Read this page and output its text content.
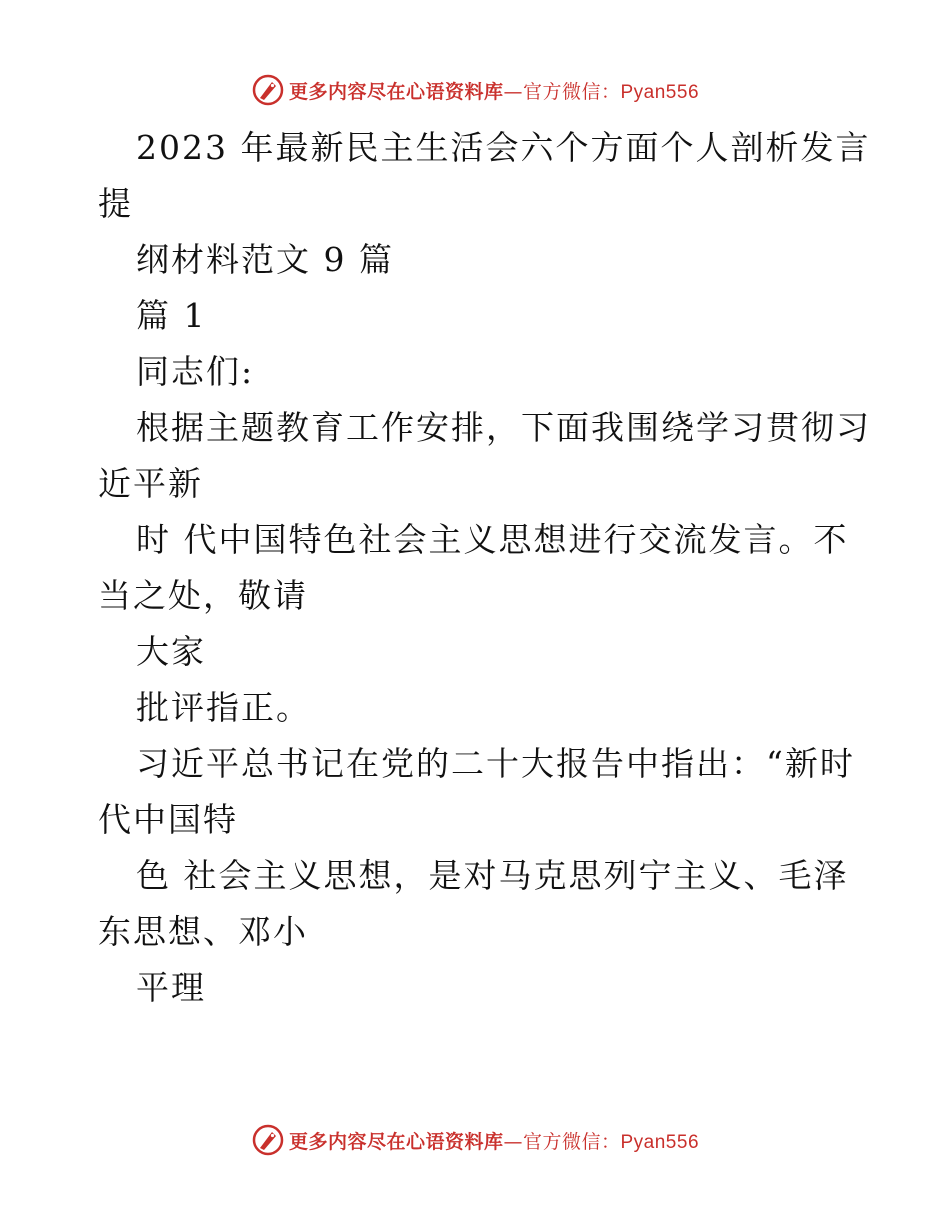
更多内容尽在心语资料库—官方微信：Pyan556
2023 年最新民主生活会六个方面个人剖析发言
提
纲材料范文 9 篇
篇 1
同志们:
根据主题教育工作安排，下面我围绕学习贯彻习
近平新
时 代中国特色社会主义思想进行交流发言。不
当之处，敬请
大家
批评指正。
习近平总书记在党的二十大报告中指出：“新时
代中国特
色 社会主义思想，是对马克思列宁主义、毛泽
东思想、邓小
平理
更多内容尽在心语资料库—官方微信：Pyan556
